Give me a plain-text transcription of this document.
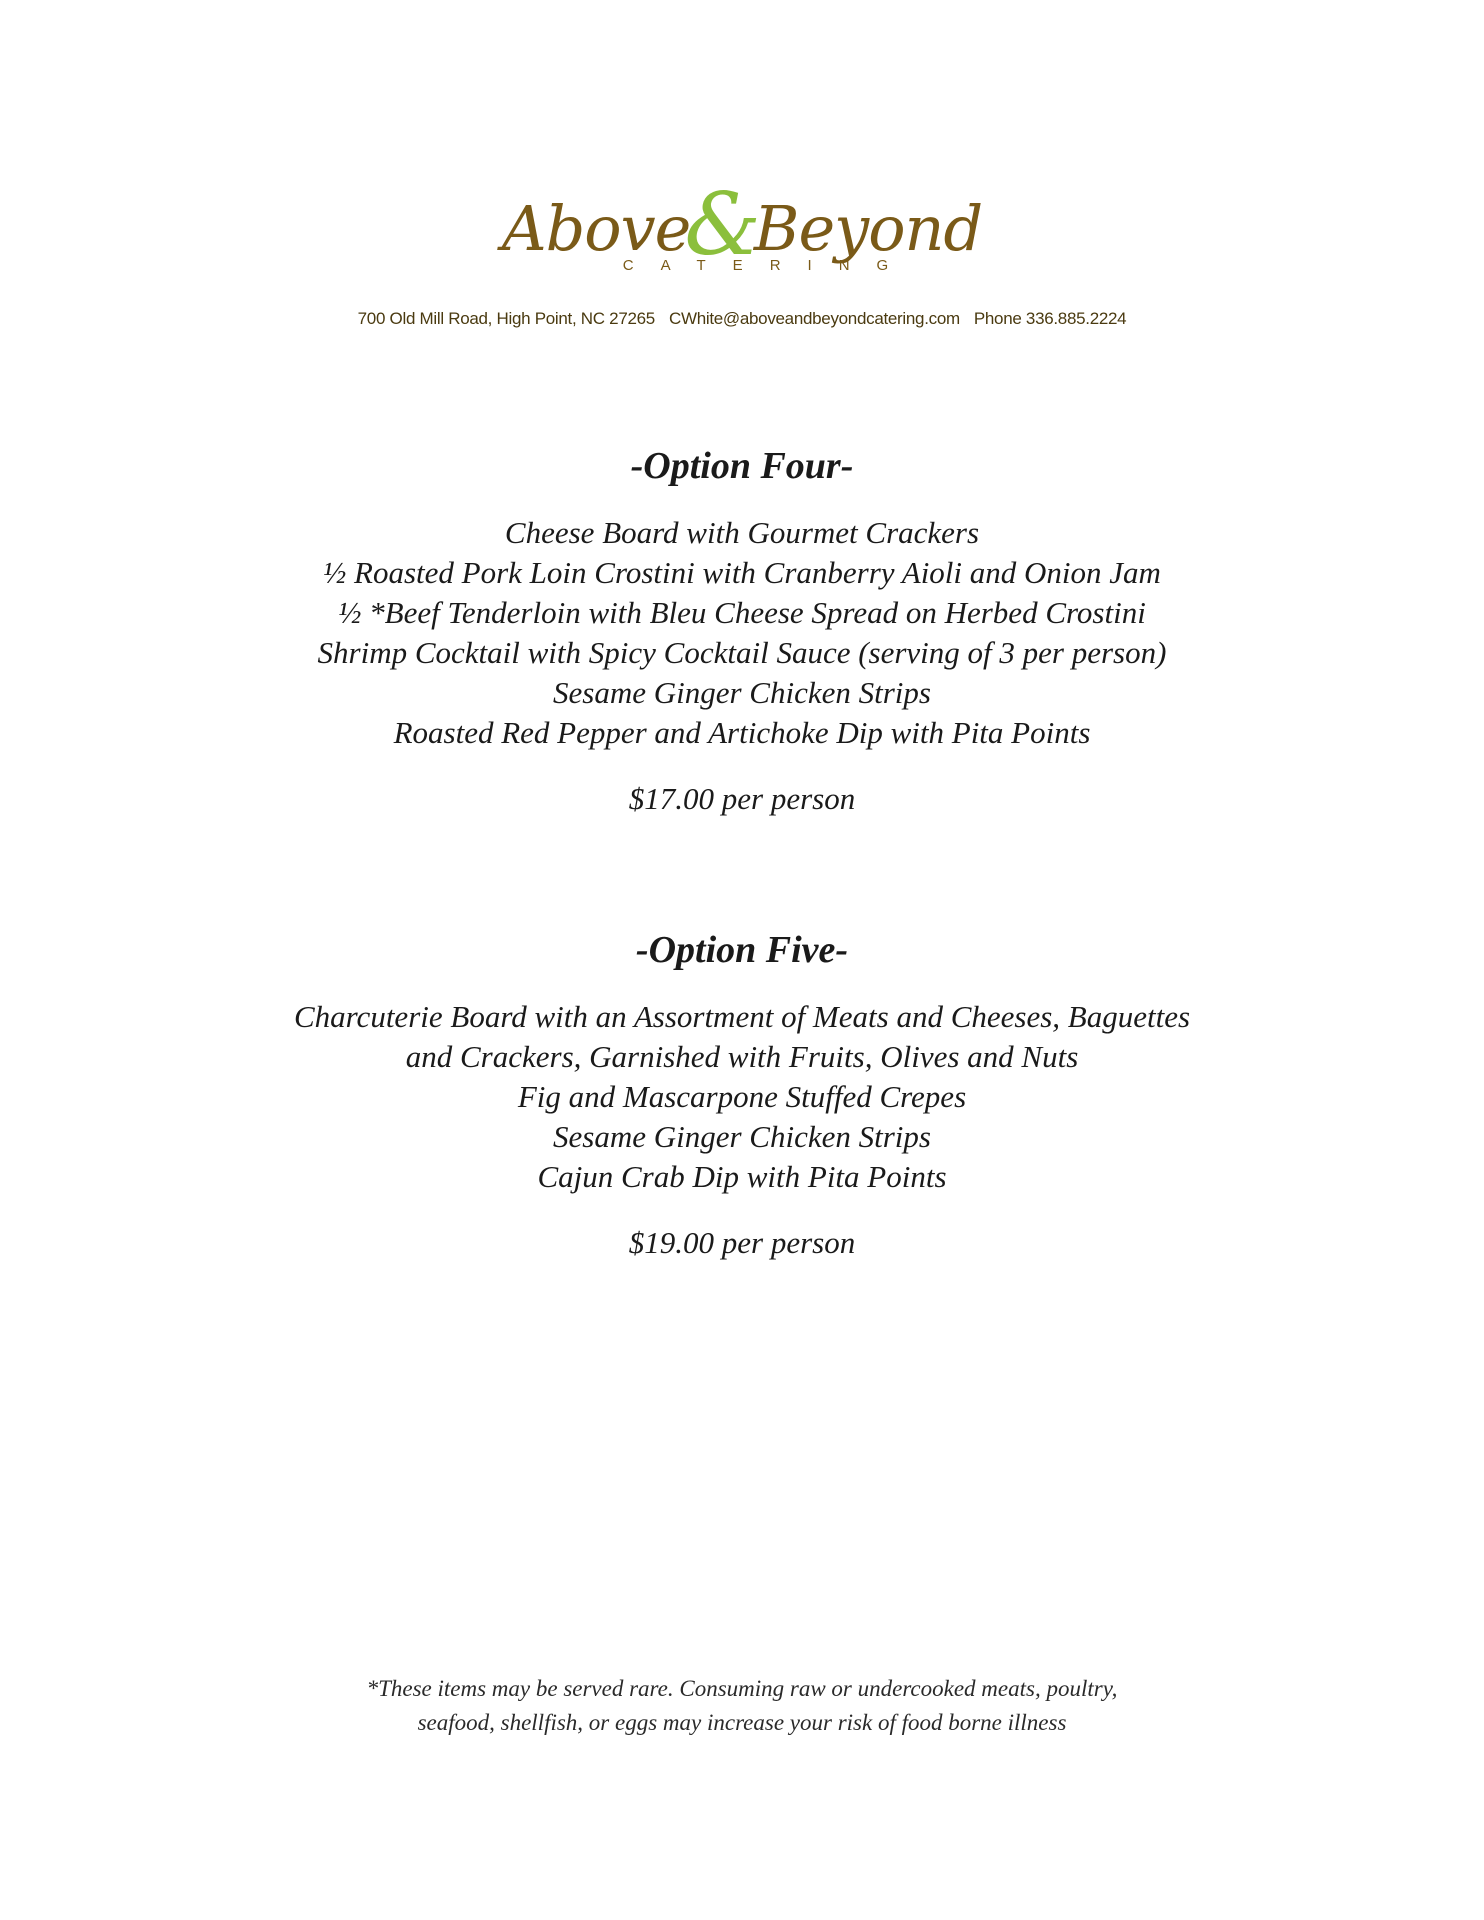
Above&Beyond
CATERING
700 Old Mill Road, High Point, NC 27265 CWhite@aboveandbeyondcatering.com Phone 336.885.2224
-Option Four-
Cheese Board with Gourmet Crackers
½ Roasted Pork Loin Crostini with Cranberry Aioli and Onion Jam
½ *Beef Tenderloin with Bleu Cheese Spread on Herbed Crostini
Shrimp Cocktail with Spicy Cocktail Sauce (serving of 3 per person)
Sesame Ginger Chicken Strips
Roasted Red Pepper and Artichoke Dip with Pita Points
$17.00 per person
-Option Five-
Charcuterie Board with an Assortment of Meats and Cheeses, Baguettes
and Crackers, Garnished with Fruits, Olives and Nuts
Fig and Mascarpone Stuffed Crepes
Sesame Ginger Chicken Strips
Cajun Crab Dip with Pita Points
$19.00 per person
*These items may be served rare. Consuming raw or undercooked meats, poultry,
seafood, shellfish, or eggs may increase your risk of food borne illness
